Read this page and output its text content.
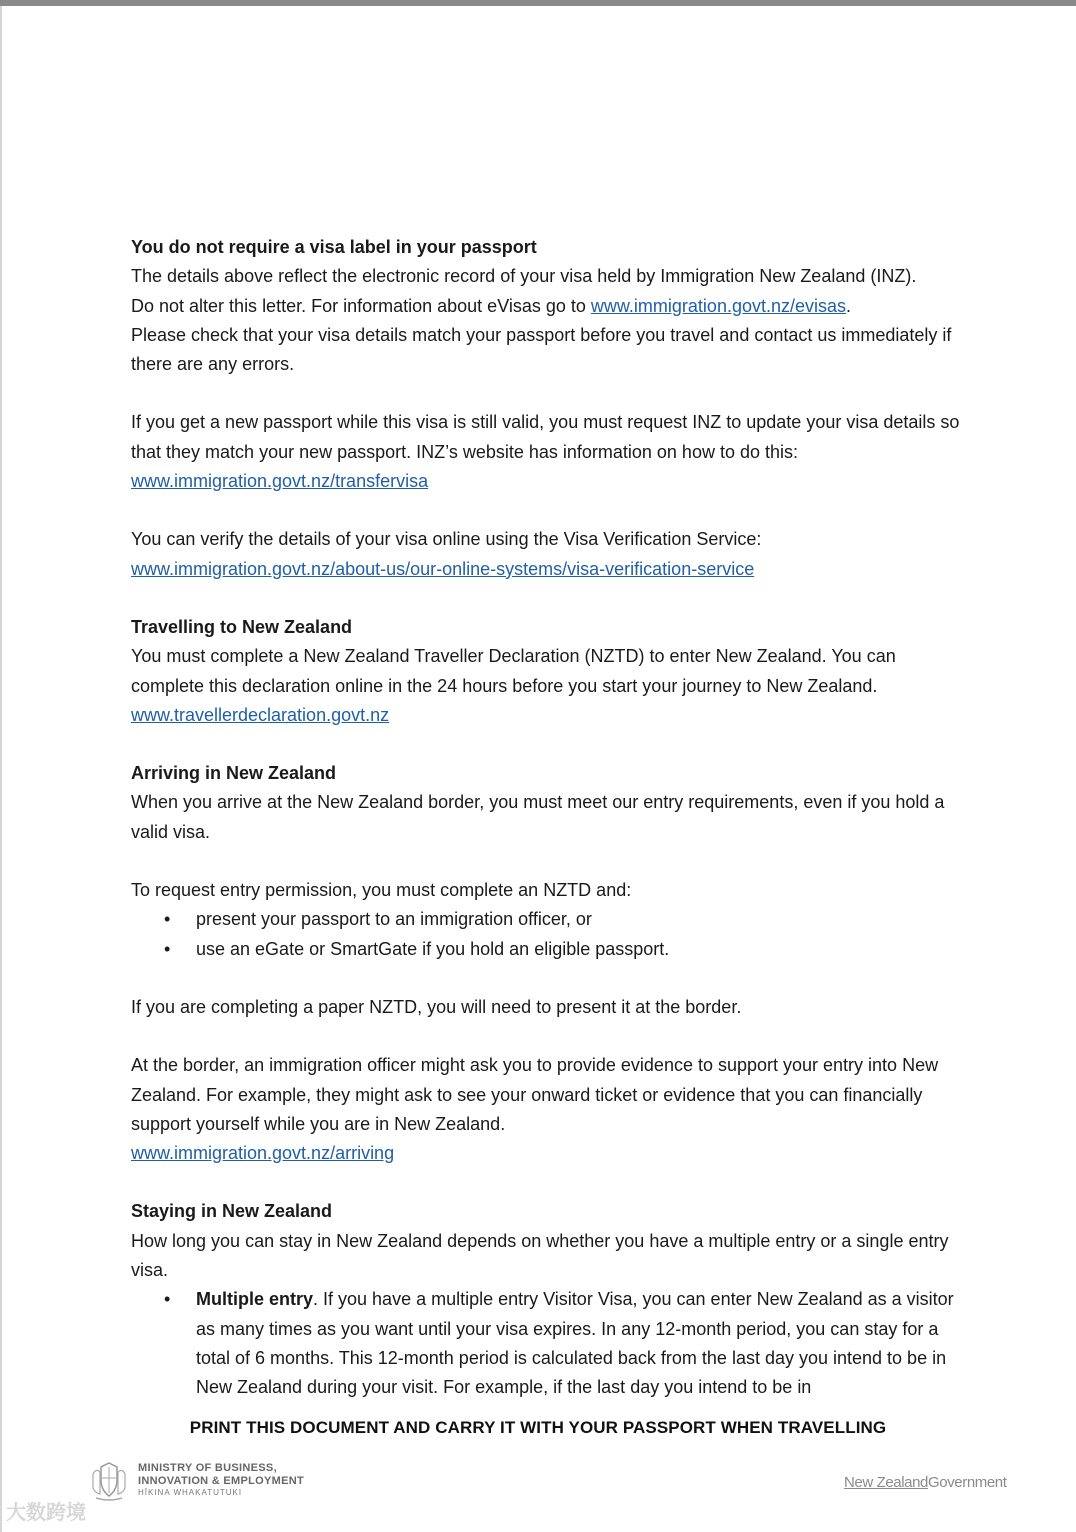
You do not require a visa label in your passport

The details above reflect the electronic record of your visa held by Immigration New Zealand (INZ).

Do not alter this letter. For information about eVisas go to www.immigration.govt.nz/evisas.

Please check that your visa details match your passport before you travel and contact us immediately if there are any errors.

If you get a new passport while this visa is still valid, you must request INZ to update your visa details so that they match your new passport. INZ’s website has information on how to do this:

www.immigration.govt.nz/transfervisa

You can verify the details of your visa online using the Visa Verification Service:

www.immigration.govt.nz/about-us/our-online-systems/visa-verification-service

Travelling to New Zealand

You must complete a New Zealand Traveller Declaration (NZTD) to enter New Zealand. You can complete this declaration online in the 24 hours before you start your journey to New Zealand.

www.travellerdeclaration.govt.nz

Arriving in New Zealand

When you arrive at the New Zealand border, you must meet our entry requirements, even if you hold a valid visa.

To request entry permission, you must complete an NZTD and:

• present your passport to an immigration officer, or
• use an eGate or SmartGate if you hold an eligible passport.

If you are completing a paper NZTD, you will need to present it at the border.

At the border, an immigration officer might ask you to provide evidence to support your entry into New Zealand. For example, they might ask to see your onward ticket or evidence that you can financially support yourself while you are in New Zealand.

www.immigration.govt.nz/arriving

Staying in New Zealand

How long you can stay in New Zealand depends on whether you have a multiple entry or a single entry visa.

• Multiple entry. If you have a multiple entry Visitor Visa, you can enter New Zealand as a visitor as many times as you want until your visa expires. In any 12-month period, you can stay for a total of 6 months. This 12-month period is calculated back from the last day you intend to be in New Zealand during your visit. For example, if the last day you intend to be in
PRINT THIS DOCUMENT AND CARRY IT WITH YOUR PASSPORT WHEN TRAVELLING
MINISTRY OF BUSINESS,
INNOVATION & EMPLOYMENT
HĪKINA WHAKATUTUKI
New ZealandGovernment
大数跨境
